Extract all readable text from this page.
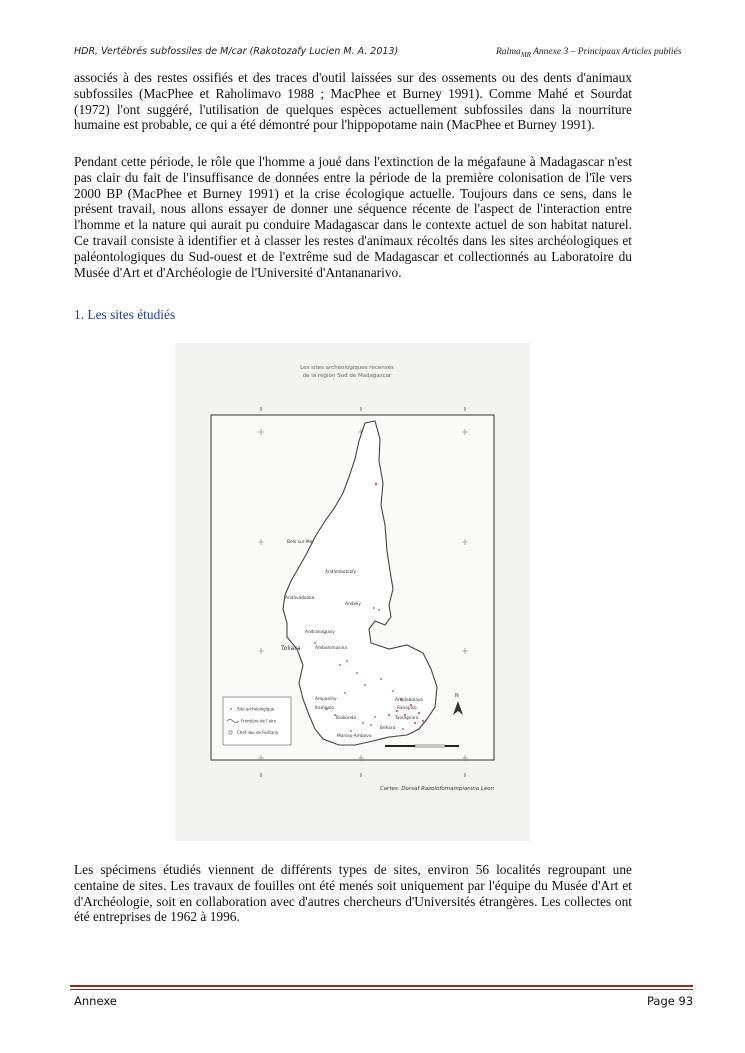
HDR, Vertébrés subfossiles de M/car (Rakotozafy Lucien M. A. 2013)	Ralma$_{MR}$ Annexe 3 – Principaux Articles publiés

associés à des restes ossifiés et des traces d'outil laissées sur des ossements ou des dents d'animaux subfossiles (MacPhee et Raholimavo 1988 ; MacPhee et Burney 1991). Comme Mahé et Sourdat (1972) l'ont suggéré, l'utilisation de quelques espèces actuellement subfossiles dans la nourriture humaine est probable, ce qui a été démontré pour l'hippopotame nain (MacPhee et Burney 1991).

Pendant cette période, le rôle que l'homme a joué dans l'extinction de la mégafaune à Madagascar n'est pas clair du fait de l'insuffisance de données entre la période de la première colonisation de l'île vers 2000 BP (MacPhee et Burney 1991) et la crise écologique actuelle. Toujours dans ce sens, dans le présent travail, nous allons essayer de donner une séquence récente de l'aspect de l'interaction entre l'homme et la nature qui aurait pu conduire Madagascar dans le contexte actuel de son habitat naturel. Ce travail consiste à identifier et à classer les restes d'animaux récoltés dans les sites archéologiques et paléontologiques du Sud-ouest et de l'extrême sud de Madagascar et collectionnés au Laboratoire du Musée d'Art et d'Archéologie de l'Université d'Antananarivo.

1. Les sites étudiés

Les sites archéologiques recensés
de la région Sud de Madagascar
Belo sur Mer
Andambotsafy
Andavadoaka
Ambiky
Toliara	Ambohimasina
Andranomasy
Ampanihy
Itampolo
Anadabolava
Ranopiso
Tsiokonda	Taolagnaro
Behara
Marosy-Ambovo
Site archéologique
Frontière de l'aire
Chef lieu de Faritany
N
Cartes: Dorsaf Razolofomampianina Léon

Les spécimens étudiés viennent de différents types de sites, environ 56 localités regroupant une centaine de sites. Les travaux de fouilles ont été menés soit uniquement par l'équipe du Musée d'Art et d'Archéologie, soit en collaboration avec d'autres chercheurs d'Universités étrangères. Les collectes ont été entreprises de 1962 à 1996.

Annexe	Page 93
